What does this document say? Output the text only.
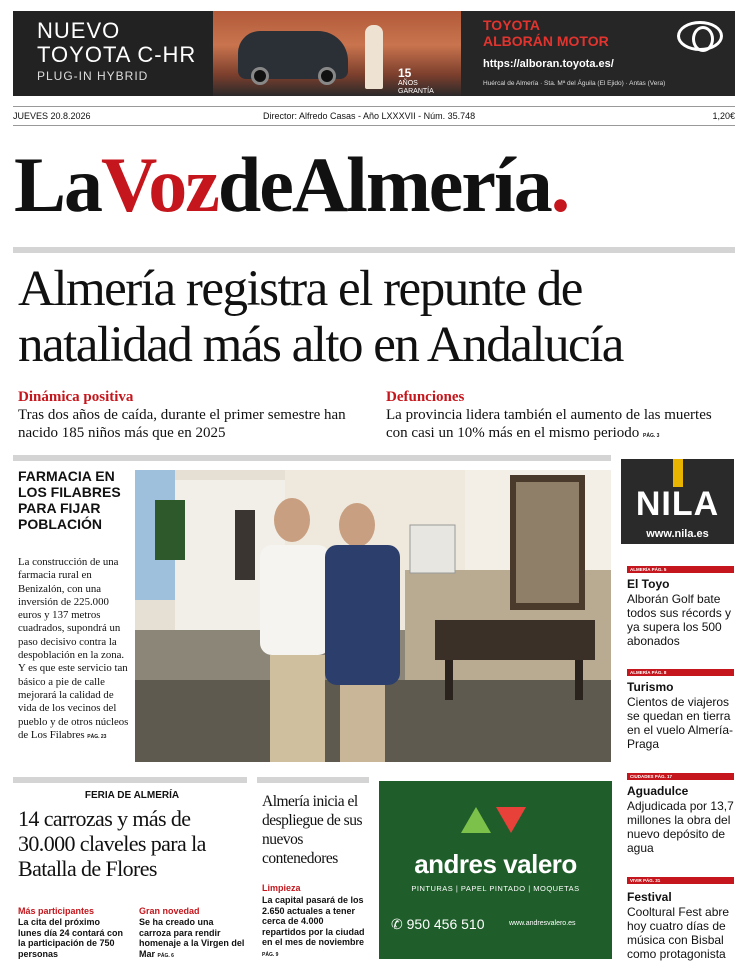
NUEVO
TOYOTA C-HR
PLUG-IN HYBRID	15
AÑOS GARANTÍA TOYOTA RELAX
TOYOTA
ALBORÁN MOTOR
https://alboran.toyota.es/
Huércal de Almería · Sta. Mª del Águila (El Ejido) · Antas (Vera)
JUEVES 20.8.2026	Director: Alfredo Casas - Año LXXXVII - Núm. 35.748	1,20€
LaVozdeAlmería.
Almería registra el repunte de
natalidad más alto en Andalucía
Dinámica positiva
Tras dos años de caída, durante el primer semestre han nacido 185 niños más que en 2025
Defunciones
La provincia lidera también el aumento de las muertes con casi un 10% más en el mismo periodo PÁG. 3
FARMACIA EN LOS FILABRES PARA FIJAR POBLACIÓN
La construcción de una farmacia rural en Benizalón, con una inversión de 225.000 euros y 137 metros cuadrados, supondrá un paso decisivo contra la despoblación en la zona. Y es que este servicio tan básico a pie de calle mejorará la calidad de vida de los vecinos del pueblo y de otros núcleos de Los Filabres PÁG. 23
NILA
www.nila.es
ALMERÍA PÁG. 5
El Toyo
Alborán Golf bate todos sus récords y ya supera los 500 abonados
ALMERÍA PÁG. 8
Turismo
Cientos de viajeros se quedan en tierra en el vuelo Almería-Praga
CIUDADES PÁG. 17
Aguadulce
Adjudicada por 13,7 millones la obra del nuevo depósito de agua
VIVIR PÁG. 31
Festival
Cooltural Fest abre hoy cuatro días de música con Bisbal como protagonista
FERIA DE ALMERÍA
14 carrozas y más de 30.000 claveles para la Batalla de Flores
Más participantes
La cita del próximo lunes día 24 contará con la participación de 750 personas
Gran novedad
Se ha creado una carroza para rendir homenaje a la Virgen del Mar PÁG. 6
Almería inicia el despliegue de sus nuevos contenedores
Limpieza
La capital pasará de los 2.650 actuales a tener cerca de 4.000 repartidos por la ciudad en el mes de noviembre PÁG. 9
andres valero
PINTURAS | PAPEL PINTADO | MOQUETAS
✆ 950 456 510	www.andresvalero.es
